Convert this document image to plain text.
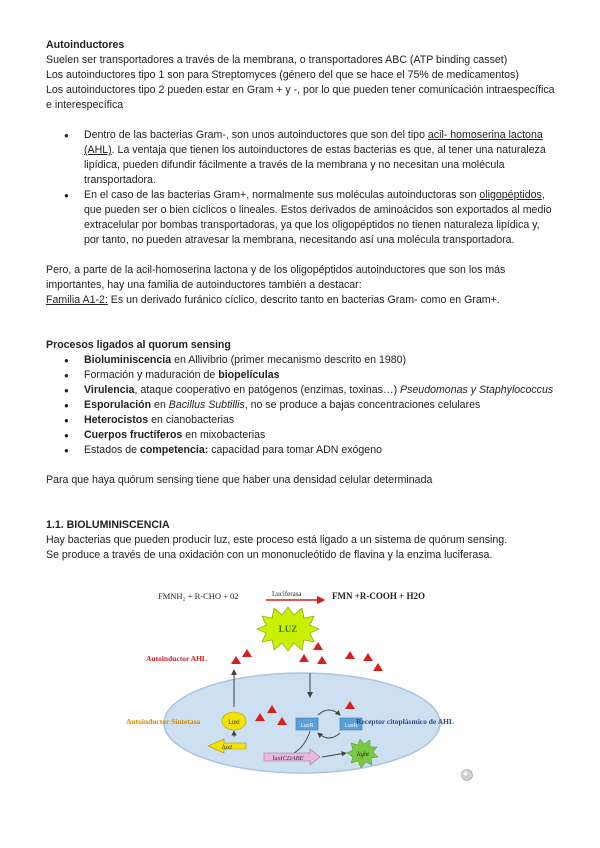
Autoinductores

Suelen ser transportadores a través de la membrana, o transportadores ABC (ATP binding casset)

Los autoinductores tipo 1 son para Streptomyces (género del que se hace el 75% de medicamentos)

Los autoinductores tipo 2 pueden estar en Gram + y -, por lo que pueden tener comunicación intraespecífica e interespecífica

● Dentro de las bacterias Gram-, son unos autoinductores que son del tipo acil- homoserina lactona (AHL). La ventaja que tienen los autoinductores de estas bacterias es que, al tener una naturaleza lipídica, pueden difundir fácilmente a través de la membrana y no necesitan una molécula transportadora.
● En el caso de las bacterias Gram+, normalmente sus moléculas autoinductoras son oligopéptidos, que pueden ser o bien cíclicos o lineales. Estos derivados de aminoácidos son exportados al medio extracelular por bombas transportadoras, ya que los oligopéptidos no tienen naturaleza lipídica y, por tanto, no pueden atravesar la membrana, necesitando así una molécula transportadora.

Pero, a parte de la acil-homoserina lactona y de los oligopéptidos autoinductores que son los más importantes, hay una familia de autoinductores también a destacar:

Familia A1-2: Es un derivado furánico cíclico, descrito tanto en bacterias Gram- como en Gram+.

Procesos ligados al quorum sensing

● Bioluminiscencia en Allivibrio (primer mecanismo descrito en 1980)
● Formación y maduración de biopelículas
● Virulencia, ataque cooperativo en patógenos (enzimas, toxinas…) Pseudomonas y Staphylococcus
● Esporulación en Bacillus Subtillis, no se produce a bajas concentraciones celulares
● Heterocistos en cianobacterias
● Cuerpos fructíferos en mixobacterias
● Estados de competencia: capacidad para tomar ADN exógeno

Para que haya quórum sensing tiene que haber una densidad celular determinada

1.1. BIOLUMINISCENCIA

Hay bacterias que pueden producir luz, este proceso está ligado a un sistema de quórum sensing.

Se produce a través de una oxidación con un mononucleótido de flavina y la enzima luciferasa.

FMNH₂ + R-CHO + 02	Luciferasa	FMN +R-COOH + H2O
LUZ
Autoinductor AHL
Autoinductor Sintetasa	LuxI	LuxR	LuxR
Receptor citoplásmico de AHL
luxI
luxICDABE
light
